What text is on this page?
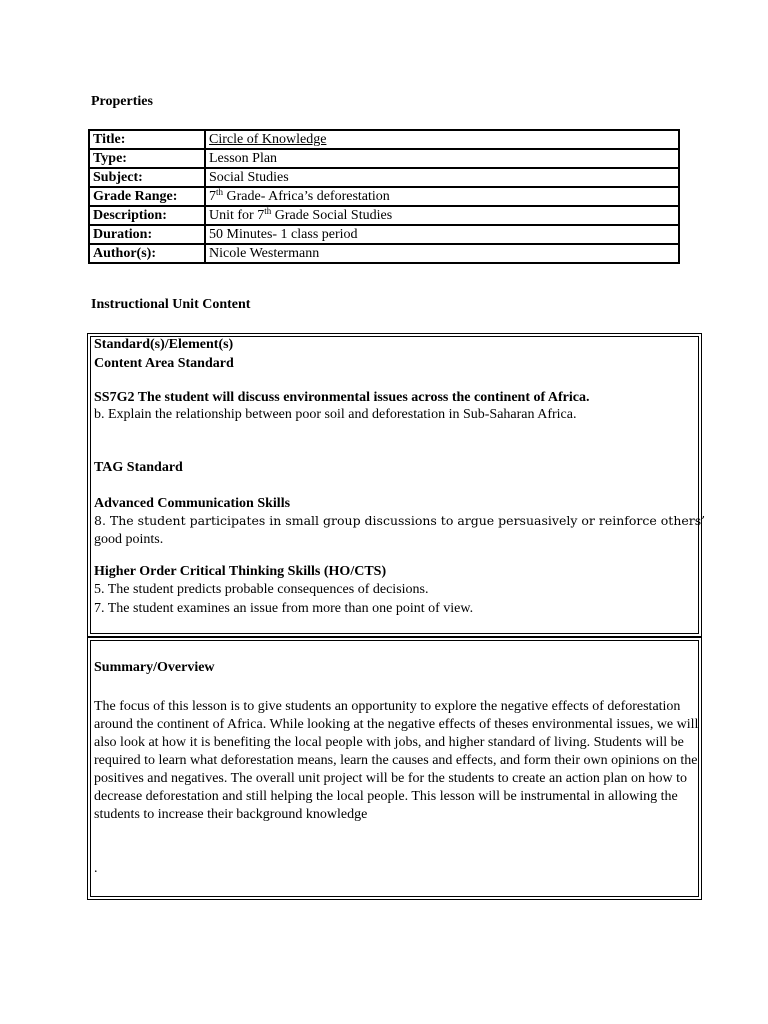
Properties
Title:	Circle of Knowledge
Type:	Lesson Plan
Subject:	Social Studies
Grade Range:	7th Grade- Africa’s deforestation
Description:	Unit for 7th Grade Social Studies
Duration:	50 Minutes- 1 class period
Author(s):	Nicole Westermann
Instructional Unit Content
Standard(s)/Element(s)
Content Area Standard
SS7G2 The student will discuss environmental issues across the continent of Africa.
b. Explain the relationship between poor soil and deforestation in Sub-Saharan Africa.
TAG Standard
Advanced Communication Skills
8. The student participates in small group discussions to argue persuasively or reinforce others’
good points.
Higher Order Critical Thinking Skills (HO/CTS)
5. The student predicts probable consequences of decisions.
7. The student examines an issue from more than one point of view.
Summary/Overview
The focus of this lesson is to give students an opportunity to explore the negative effects of deforestation around the continent of Africa. While looking at the negative effects of theses environmental issues, we will also look at how it is benefiting the local people with jobs, and higher standard of living. Students will be required to learn what deforestation means, learn the causes and effects, and form their own opinions on the positives and negatives. The overall unit project will be for the students to create an action plan on how to decrease deforestation and still helping the local people. This lesson will be instrumental in allowing the students to increase their background knowledge
.
